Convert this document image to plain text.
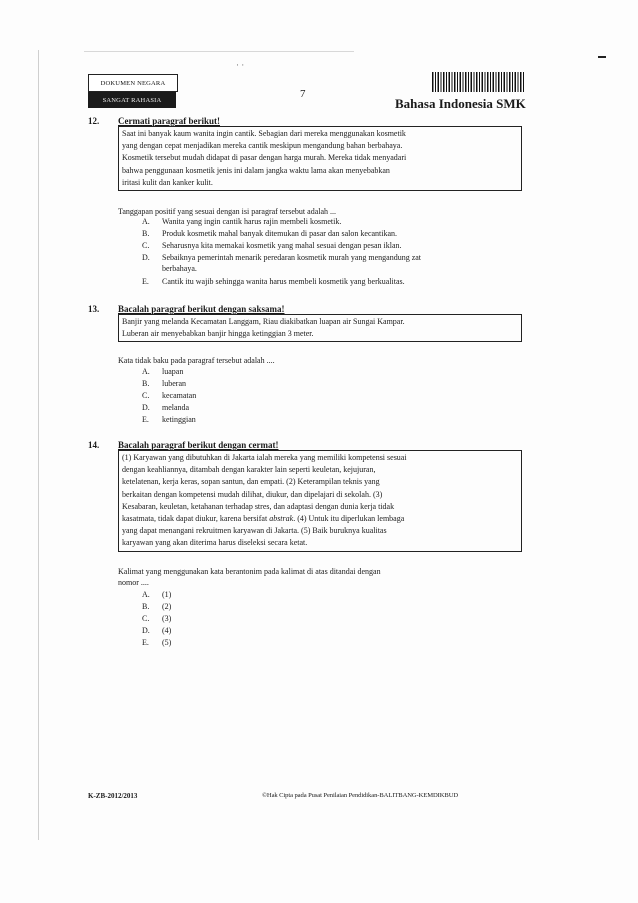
· ·
DOKUMEN NEGARA
SANGAT RAHASIA	7
Bahasa Indonesia SMK
12. Cermati paragraf berikut!
Saat ini banyak kaum wanita ingin cantik. Sebagian dari mereka menggunakan kosmetik
yang dengan cepat menjadikan mereka cantik meskipun mengandung bahan berbahaya.
Kosmetik tersebut mudah didapat di pasar dengan harga murah. Mereka tidak menyadari
bahwa penggunaan kosmetik jenis ini dalam jangka waktu lama akan menyebabkan
iritasi kulit dan kanker kulit.
Tanggapan positif yang sesuai dengan isi paragraf tersebut adalah ...
A.	Wanita yang ingin cantik harus rajin membeli kosmetik.
B.	Produk kosmetik mahal banyak ditemukan di pasar dan salon kecantikan.
C.	Seharusnya kita memakai kosmetik yang mahal sesuai dengan pesan iklan.
D.	Sebaiknya pemerintah menarik peredaran kosmetik murah yang mengandung zat
berbahaya.
E.	Cantik itu wajib sehingga wanita harus membeli kosmetik yang berkualitas.
13. Bacalah paragraf berikut dengan saksama!
Banjir yang melanda Kecamatan Langgam, Riau diakibatkan luapan air Sungai Kampar.
Luberan air menyebabkan banjir hingga ketinggian 3 meter.
Kata tidak baku pada paragraf tersebut adalah ....
A.	luapan
B.	luberan
C.	kecamatan
D.	melanda
E.	ketinggian
14. Bacalah paragraf berikut dengan cermat!
(1) Karyawan yang dibutuhkan di Jakarta ialah mereka yang memiliki kompetensi sesuai
dengan keahliannya, ditambah dengan karakter lain seperti keuletan, kejujuran,
ketelatenan, kerja keras, sopan santun, dan empati. (2) Keterampilan teknis yang
berkaitan dengan kompetensi mudah dilihat, diukur, dan dipelajari di sekolah. (3)
Kesabaran, keuletan, ketahanan terhadap stres, dan adaptasi dengan dunia kerja tidak
kasatmata, tidak dapat diukur, karena bersifat abstrak. (4) Untuk itu diperlukan lembaga
yang dapat menangani rekruitmen karyawan di Jakarta. (5) Baik buruknya kualitas
karyawan yang akan diterima harus diseleksi secara ketat.
Kalimat yang menggunakan kata berantonim pada kalimat di atas ditandai dengan
nomor ....
A.	(1)
B.	(2)
C.	(3)
D.	(4)
E.	(5)
K-ZB-2012/2013	©Hak Cipta pada Pusat Penilaian Pendidikan-BALITBANG-KEMDIKBUD
